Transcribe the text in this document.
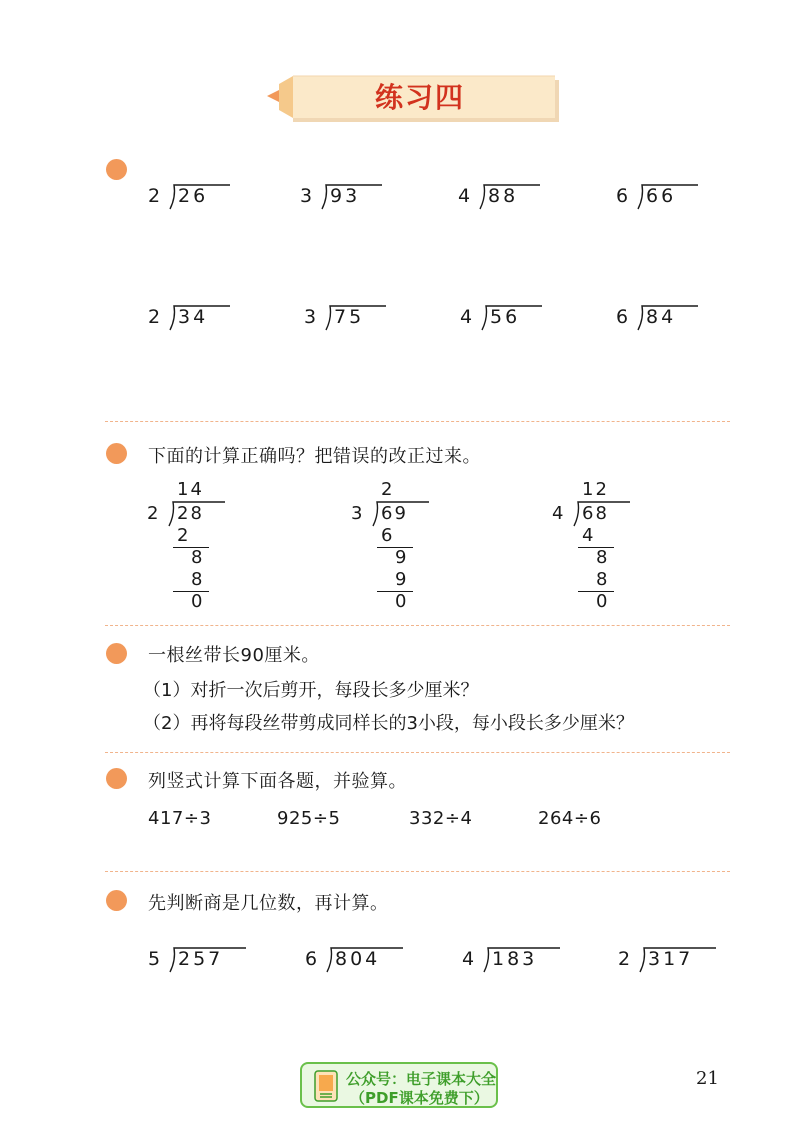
练习四
2 26	3 93	4 88	6 66
2 34	3 75	4 56	6 84
下面的计算正确吗？把错误的改正过来。
14
2 28
2
8
8
0
2
3 69
6
9
9
0
12
4 68
4
8
8
0
一根丝带长90厘米。
（1）对折一次后剪开，每段长多少厘米？
（2）再将每段丝带剪成同样长的3小段，每小段长多少厘米？
列竖式计算下面各题，并验算。
417÷3	925÷5	332÷4	264÷6
先判断商是几位数，再计算。
5 257	6 804	4 183	2 317
公众号：电子课本大全
（PDF课本免费下）
21
